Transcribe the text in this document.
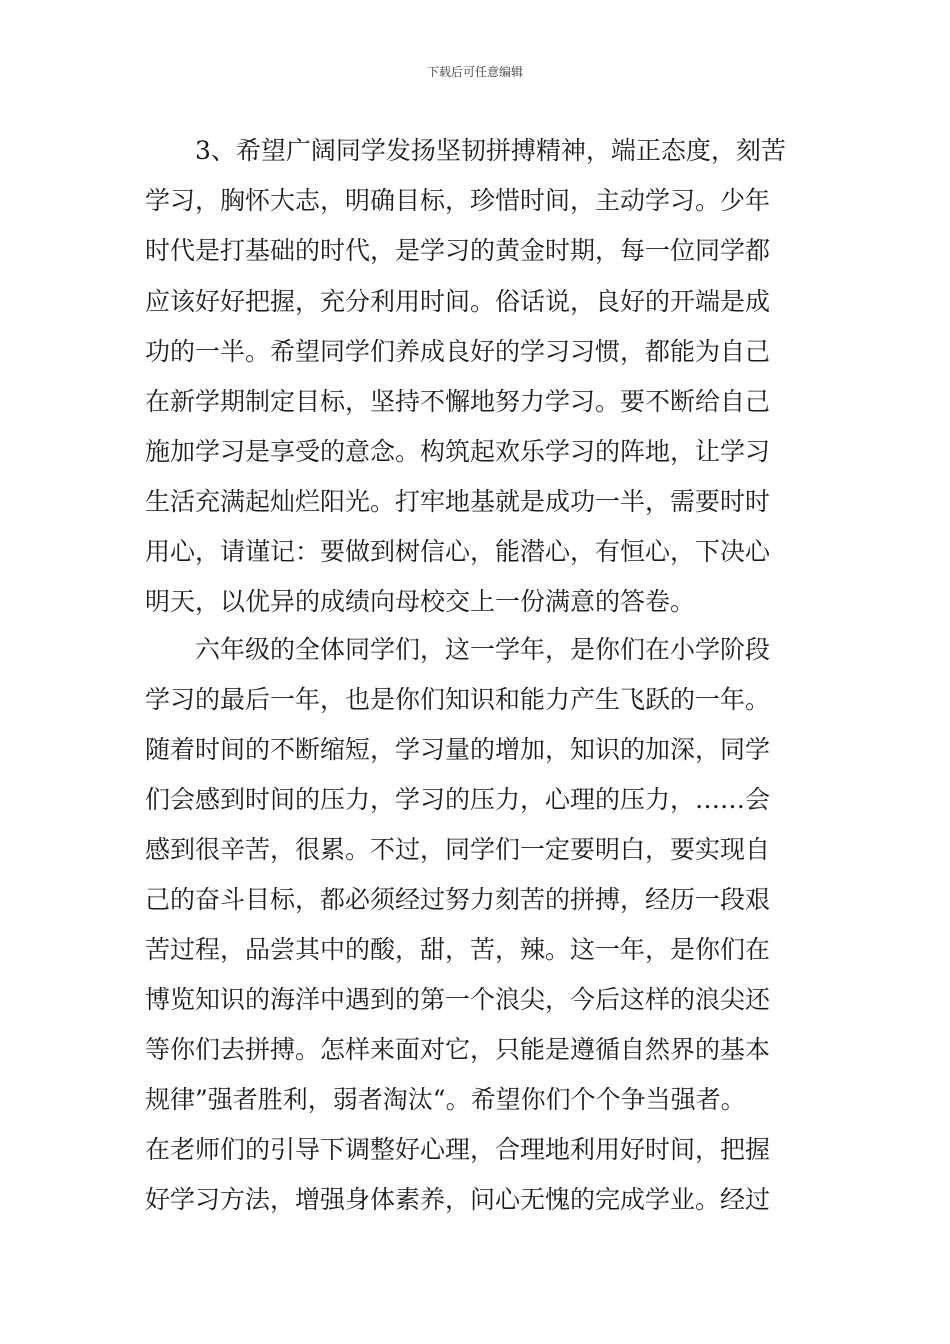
下载后可任意编辑
3、希望广阔同学发扬坚韧拼搏精神，端正态度，刻苦
学习，胸怀大志，明确目标，珍惜时间，主动学习。少年
时代是打基础的时代，是学习的黄金时期，每一位同学都
应该好好把握，充分利用时间。俗话说，良好的开端是成
功的一半。希望同学们养成良好的学习习惯，都能为自己
在新学期制定目标，坚持不懈地努力学习。要不断给自己
施加学习是享受的意念。构筑起欢乐学习的阵地，让学习
生活充满起灿烂阳光。打牢地基就是成功一半，需要时时
用心，请谨记：要做到树信心，能潜心，有恒心，下决心
明天，以优异的成绩向母校交上一份满意的答卷。
六年级的全体同学们，这一学年，是你们在小学阶段
学习的最后一年，也是你们知识和能力产生飞跃的一年。
随着时间的不断缩短，学习量的增加，知识的加深，同学
们会感到时间的压力，学习的压力，心理的压力，……会
感到很辛苦，很累。不过，同学们一定要明白，要实现自
己的奋斗目标，都必须经过努力刻苦的拼搏，经历一段艰
苦过程，品尝其中的酸，甜，苦，辣。这一年，是你们在
博览知识的海洋中遇到的第一个浪尖，今后这样的浪尖还
等你们去拼搏。怎样来面对它，只能是遵循自然界的基本
规律”强者胜利，弱者淘汰“。希望你们个个争当强者。
在老师们的引导下调整好心理，合理地利用好时间，把握
好学习方法，增强身体素养，问心无愧的完成学业。经过
